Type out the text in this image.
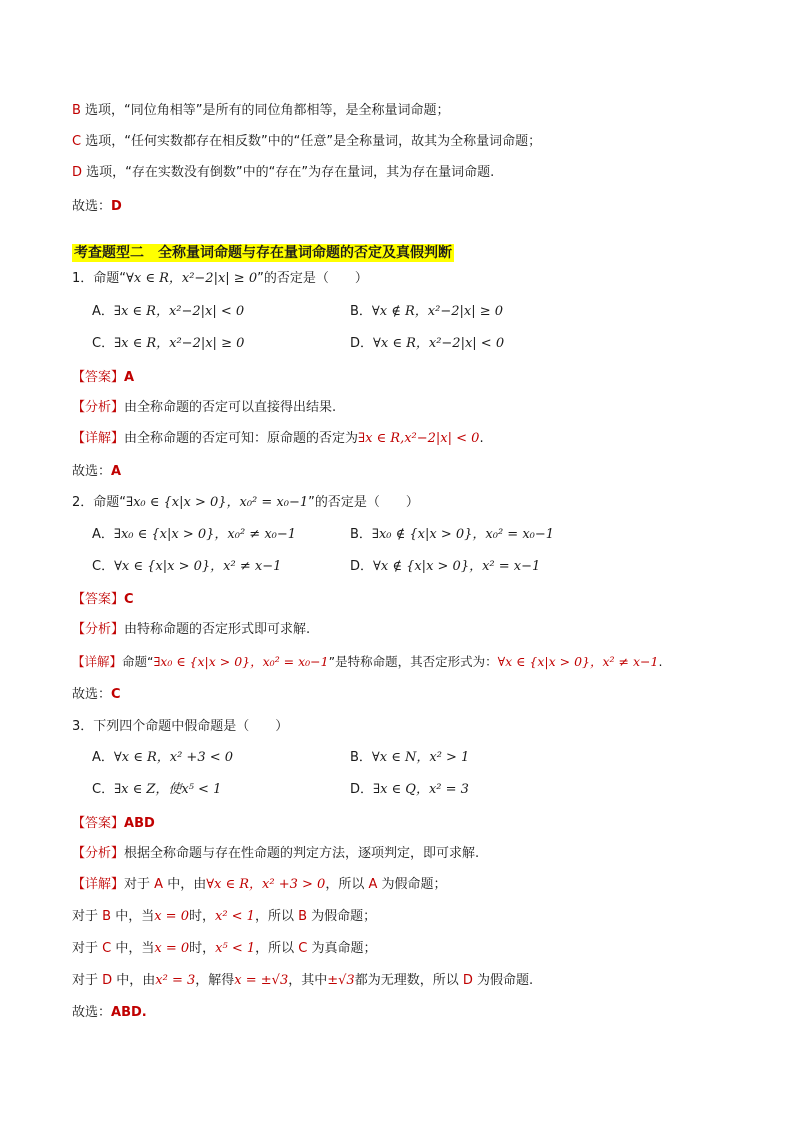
B 选项，“同位角相等”是所有的同位角都相等，是全称量词命题；
C 选项，“任何实数都存在相反数”中的“任意”是全称量词，故其为全称量词命题；
D 选项，“存在实数没有倒数”中的“存在”为存在量词，其为存在量词命题.
故选：D
考查题型二　全称量词命题与存在量词命题的否定及真假判断
1．命题“∀x ∈ R，x²−2|x| ≥ 0”的否定是（　　）
A．∃x ∈ R，x²−2|x| < 0	B．∀x ∉ R，x²−2|x| ≥ 0
C．∃x ∈ R，x²−2|x| ≥ 0	D．∀x ∈ R，x²−2|x| < 0
【答案】A
【分析】由全称命题的否定可以直接得出结果.
【详解】由全称命题的否定可知：原命题的否定为∃x ∈ R,x²−2|x| < 0.
故选：A
2．命题“∃x₀ ∈ {x|x > 0}，x₀² = x₀−1”的否定是（　　）
A．∃x₀ ∈ {x|x > 0}，x₀² ≠ x₀−1	B．∃x₀ ∉ {x|x > 0}，x₀² = x₀−1
C．∀x ∈ {x|x > 0}，x² ≠ x−1	D．∀x ∉ {x|x > 0}，x² = x−1
【答案】C
【分析】由特称命题的否定形式即可求解.
【详解】命题“∃x₀ ∈ {x|x > 0}，x₀² = x₀−1”是特称命题，其否定形式为：∀x ∈ {x|x > 0}，x² ≠ x−1.
故选：C
3．下列四个命题中假命题是（　　）
A．∀x ∈ R，x² +3 < 0	B．∀x ∈ N，x² > 1
C．∃x ∈ Z，使x⁵ < 1	D．∃x ∈ Q，x² = 3
【答案】ABD
【分析】根据全称命题与存在性命题的判定方法，逐项判定，即可求解.
【详解】对于 A 中，由∀x ∈ R，x² +3 > 0，所以 A 为假命题；
对于 B 中，当x = 0时，x² < 1，所以 B 为假命题；
对于 C 中，当x = 0时，x⁵ < 1，所以 C 为真命题；
对于 D 中，由x² = 3，解得x = ±√3，其中±√3都为无理数，所以 D 为假命题.
故选：ABD.
